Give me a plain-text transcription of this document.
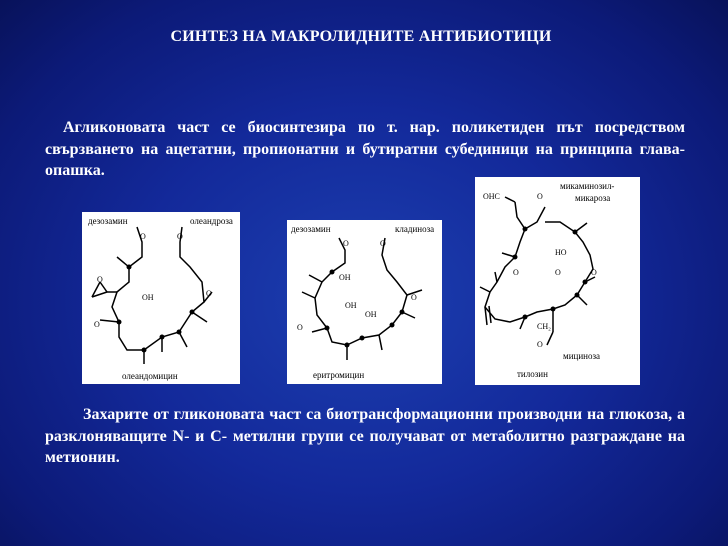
СИНТЕЗ НА МАКРОЛИДНИТЕ АНТИБИОТИЦИ
Агликоновата част се биосинтезира по т. нар. поликетиден път посредством свързването на ацетатни, пропионатни и бутиратни субединици на принципа глава-опашка.
дезозамин	олеандроза
O	O
O
OH
O
O
олеандомицин
дезозамин	кладиноза
O	O
OH
OH
OH
O
O
еритромицин
OHC	O
микаминозил-
микароза
HO
O	O	O
CH₂
O
мициноза
тилозин
Захарите от гликоновата част са биотрансформационни производни на глюкоза, а разклоняващите N- и C- метилни групи се получават от метаболитно разграждане на метионин.
